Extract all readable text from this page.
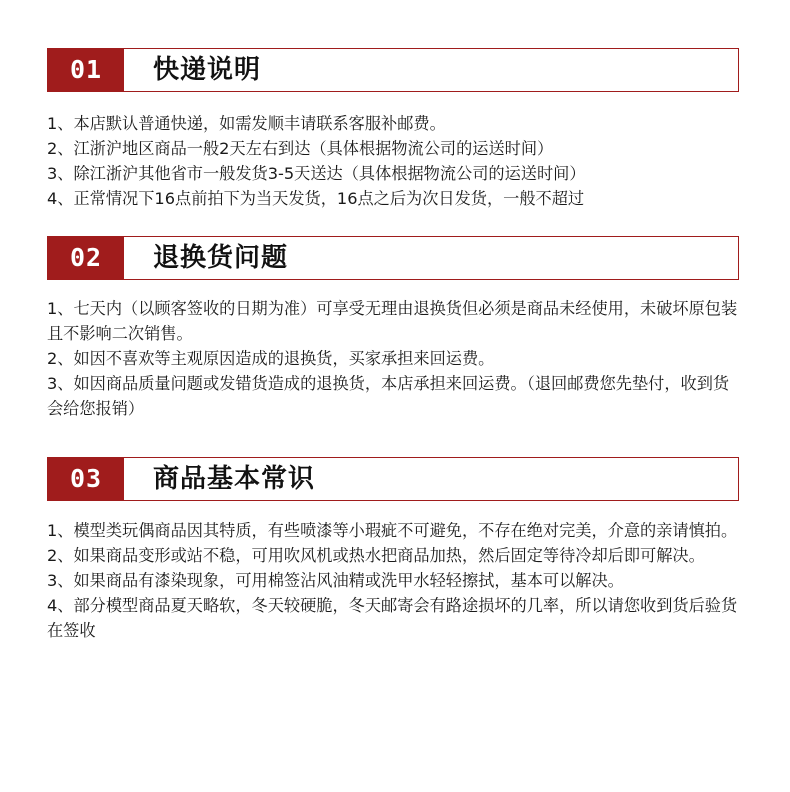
01 快递说明

1、本店默认普通快递，如需发顺丰请联系客服补邮费。

2、江浙沪地区商品一般2天左右到达（具体根据物流公司的运送时间）

3、除江浙沪其他省市一般发货3-5天送达（具体根据物流公司的运送时间）

4、正常情况下16点前拍下为当天发货，16点之后为次日发货，一般不超过

02 退换货问题

1、七天内（以顾客签收的日期为准）可享受无理由退换货但必须是商品未经使用，未破坏原包装且不影响二次销售。

2、如因不喜欢等主观原因造成的退换货，买家承担来回运费。

3、如因商品质量问题或发错货造成的退换货，本店承担来回运费。（退回邮费您先垫付，收到货会给您报销）

03 商品基本常识

1、模型类玩偶商品因其特质，有些喷漆等小瑕疵不可避免，不存在绝对完美，介意的亲请慎拍。

2、如果商品变形或站不稳，可用吹风机或热水把商品加热，然后固定等待冷却后即可解决。

3、如果商品有漆染现象，可用棉签沾风油精或洗甲水轻轻擦拭，基本可以解决。

4、部分模型商品夏天略软，冬天较硬脆，冬天邮寄会有路途损坏的几率，所以请您收到货后验货在签收
